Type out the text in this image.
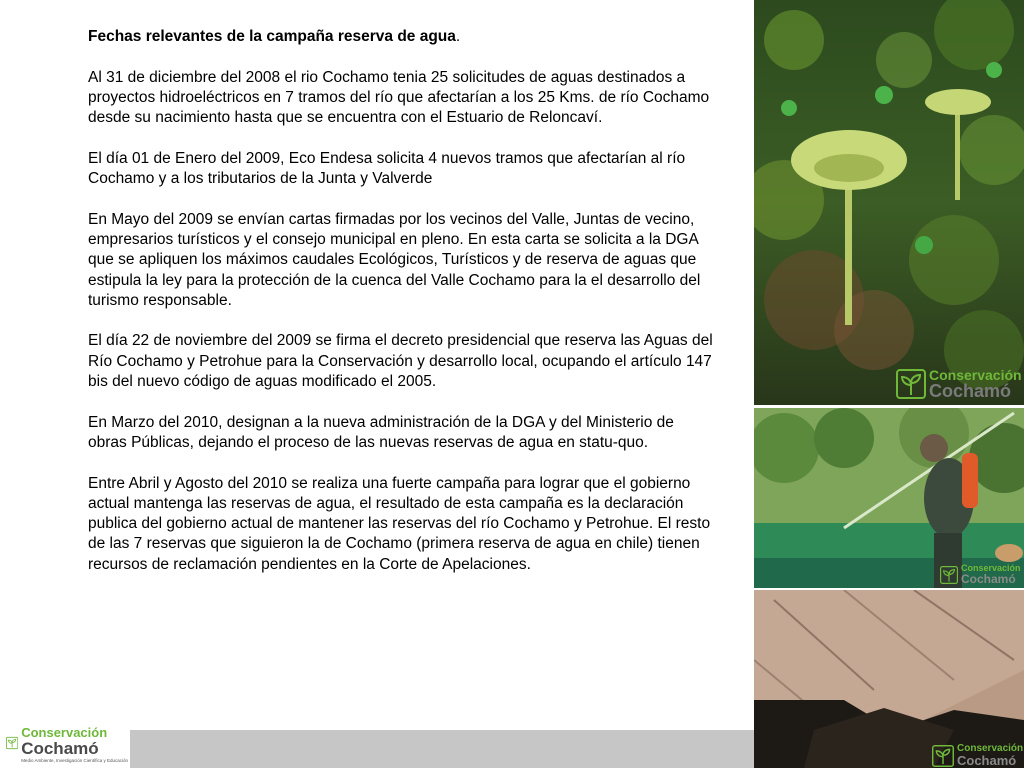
Fechas relevantes de la campaña reserva de agua.

Al 31 de diciembre del 2008 el rio Cochamo tenia 25 solicitudes de aguas destinados a proyectos hidroeléctricos en 7 tramos del río que afectarían a los 25 Kms. de río Cochamo desde su nacimiento hasta que se encuentra con el Estuario de Reloncaví.

El día 01 de Enero del 2009, Eco Endesa solicita 4 nuevos tramos que afectarían al río Cochamo y a los tributarios de la Junta y Valverde

En Mayo del 2009 se envían cartas firmadas por los vecinos del Valle, Juntas de vecino, empresarios turísticos y el consejo municipal en pleno. En esta carta se solicita a la DGA que se apliquen los máximos caudales Ecológicos, Turísticos y de reserva de aguas que estipula la ley para la protección de la cuenca del Valle Cochamo para la el desarrollo del turismo responsable.

El día 22 de noviembre del 2009 se firma el decreto presidencial que reserva las Aguas del Río Cochamo y Petrohue para la Conservación y desarrollo local, ocupando el artículo 147 bis del nuevo código de aguas modificado el 2005.

En Marzo del 2010, designan a la nueva administración de la DGA y del Ministerio de obras Públicas, dejando el proceso de las nuevas reservas de agua en statu-quo.

Entre Abril y Agosto del 2010 se realiza una fuerte campaña para lograr que el gobierno actual mantenga las reservas de agua, el resultado de esta campaña es la declaración publica del gobierno actual de mantener las reservas del río Cochamo y Petrohue. El resto de las 7 reservas que siguieron la de Cochamo (primera reserva de agua en chile) tienen recursos de reclamación pendientes en la Corte de Apelaciones.

Conservación
Cochamó
Conservación
Cochamó
Conservación
Cochamó
Conservación
Cochamó
Medio Ambiente, Investigación Científica y Educación
